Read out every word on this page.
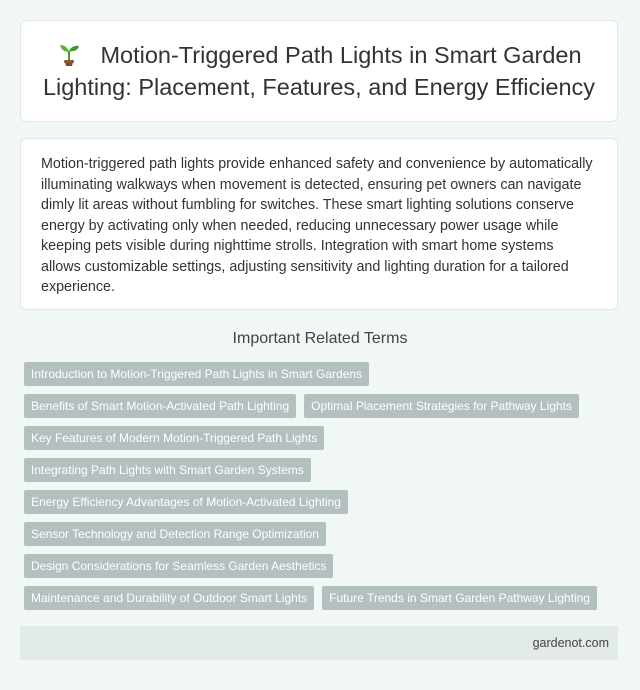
Motion-Triggered Path Lights in Smart Garden Lighting: Placement, Features, and Energy Efficiency

Motion-triggered path lights provide enhanced safety and convenience by automatically illuminating walkways when movement is detected, ensuring pet owners can navigate dimly lit areas without fumbling for switches. These smart lighting solutions conserve energy by activating only when needed, reducing unnecessary power usage while keeping pets visible during nighttime strolls. Integration with smart home systems allows customizable settings, adjusting sensitivity and lighting duration for a tailored experience.

Important Related Terms
Introduction to Motion-Triggered Path Lights in Smart Gardens
Benefits of Smart Motion-Activated Path Lighting	Optimal Placement Strategies for Pathway Lights
Key Features of Modern Motion-Triggered Path Lights
Integrating Path Lights with Smart Garden Systems
Energy Efficiency Advantages of Motion-Activated Lighting
Sensor Technology and Detection Range Optimization
Design Considerations for Seamless Garden Aesthetics
Maintenance and Durability of Outdoor Smart Lights	Future Trends in Smart Garden Pathway Lighting
gardenot.com
